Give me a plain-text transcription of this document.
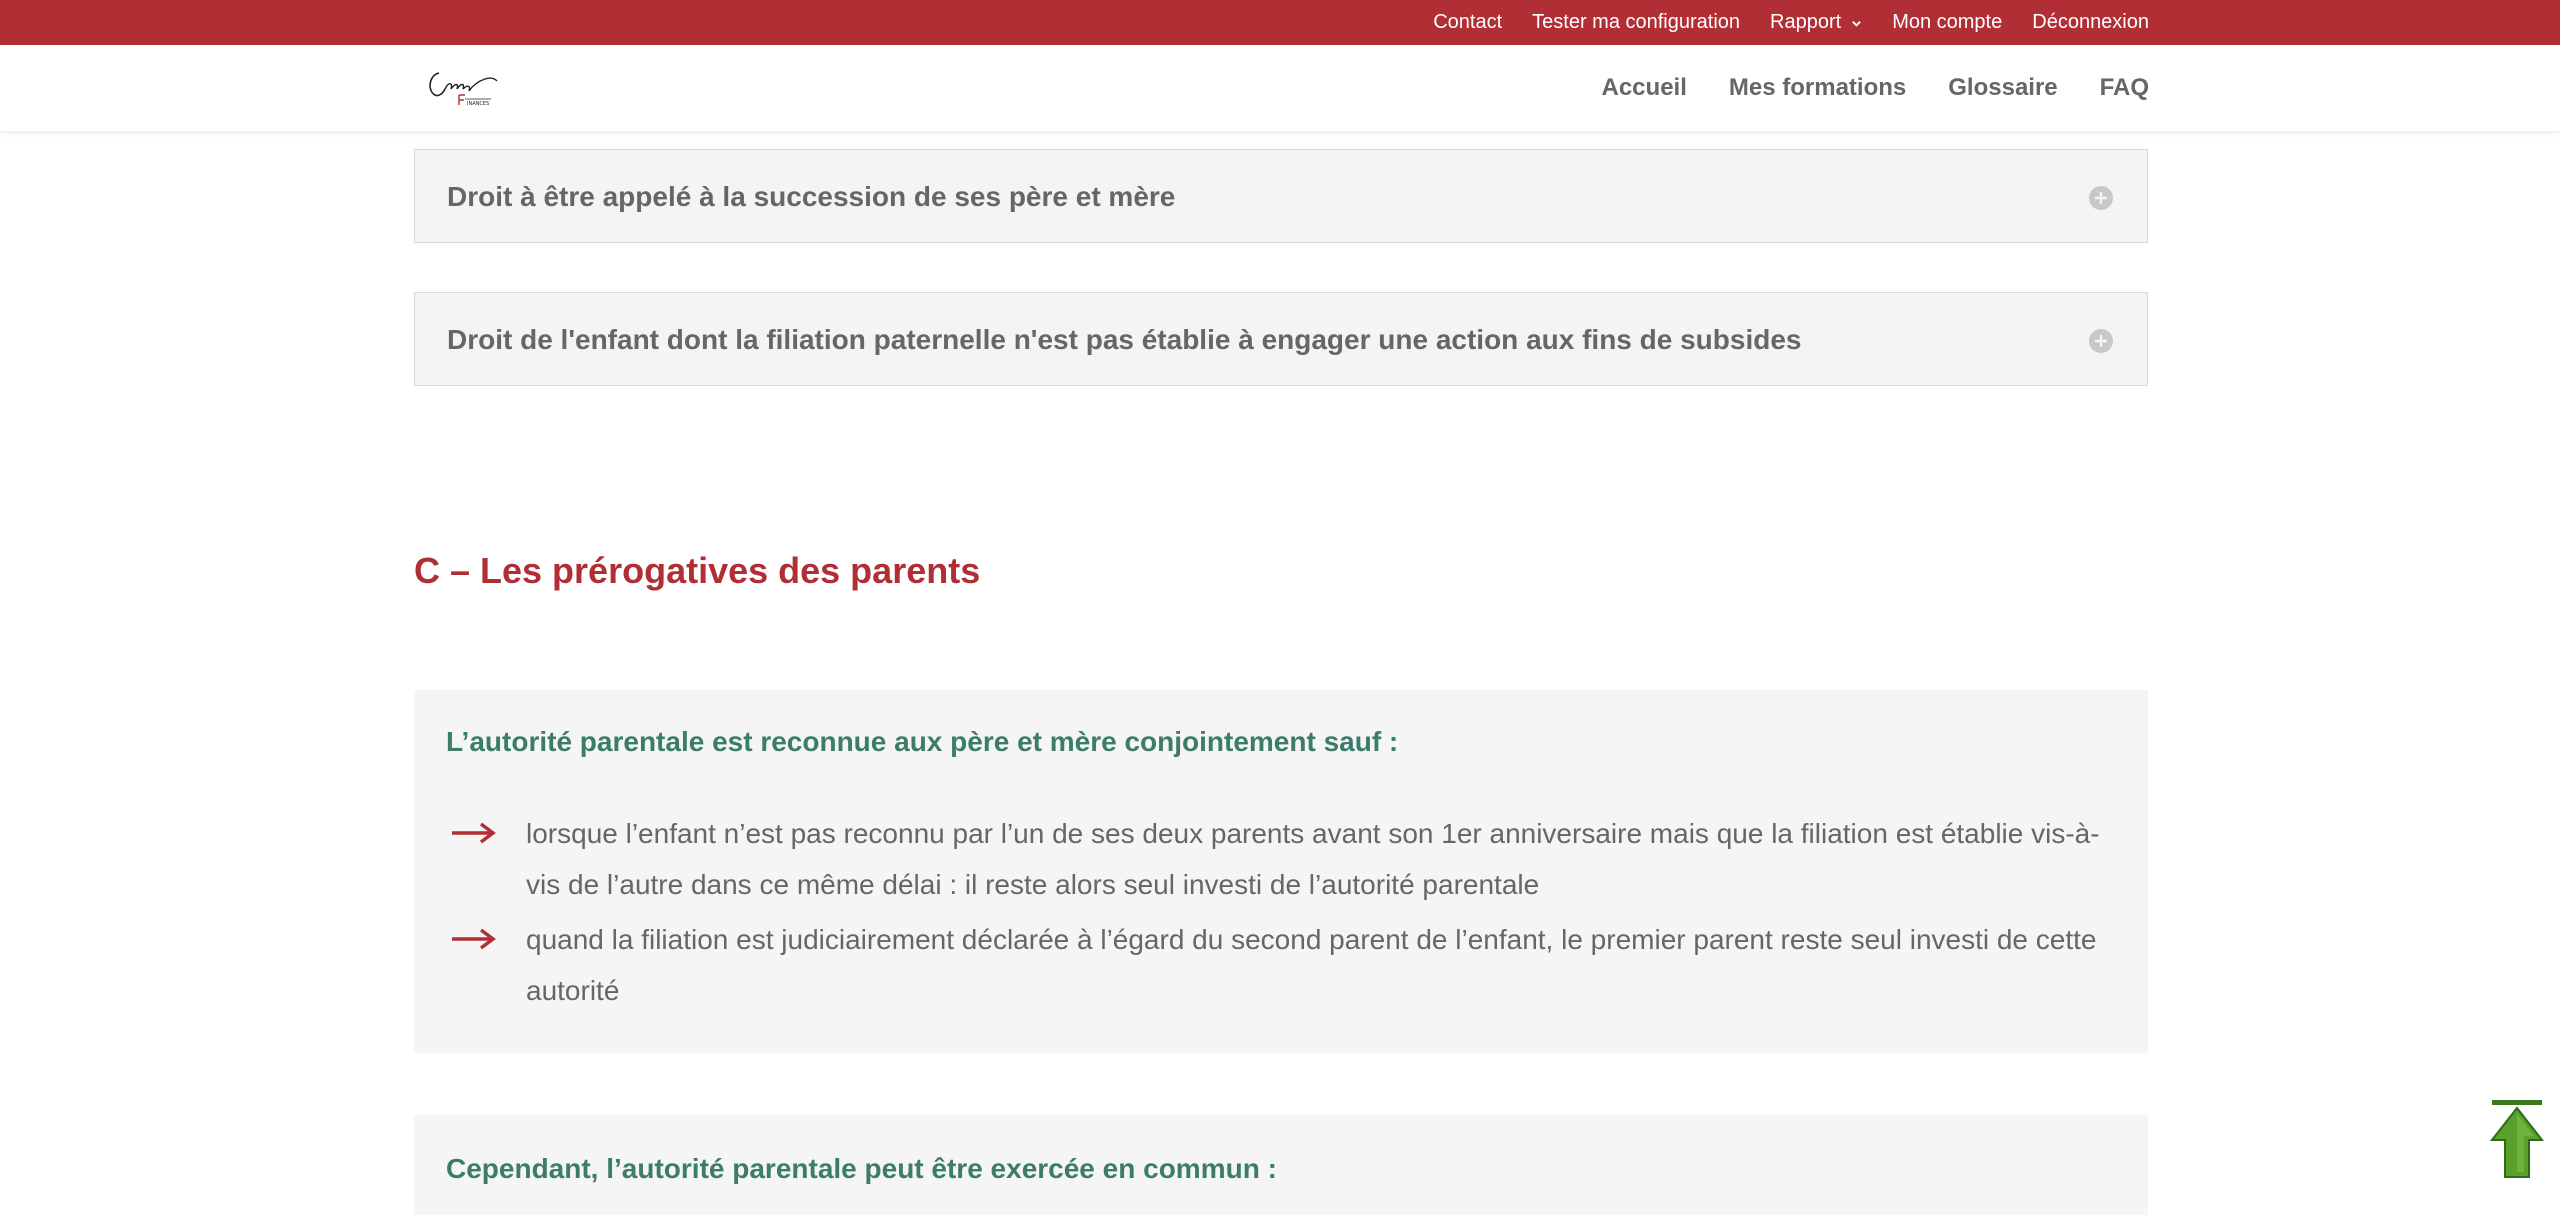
Contact Tester ma configuration Rapport	Mon compte Déconnexion
INANCES
Accueil Mes formations Glossaire FAQ
Droit à être appelé à la succession de ses père et mère
Droit de l'enfant dont la filiation paternelle n'est pas établie à engager une action aux fins de subsides
C – Les prérogatives des parents
L’autorité parentale est reconnue aux père et mère conjointement sauf :
lorsque l’enfant n’est pas reconnu par l’un de ses deux parents avant son 1er anniversaire mais que la filiation est établie vis-à-vis de l’autre dans ce même délai : il reste alors seul investi de l’autorité parentale
quand la filiation est judiciairement déclarée à l’égard du second parent de l’enfant, le premier parent reste seul investi de cette autorité
Cependant, l’autorité parentale peut être exercée en commun :
